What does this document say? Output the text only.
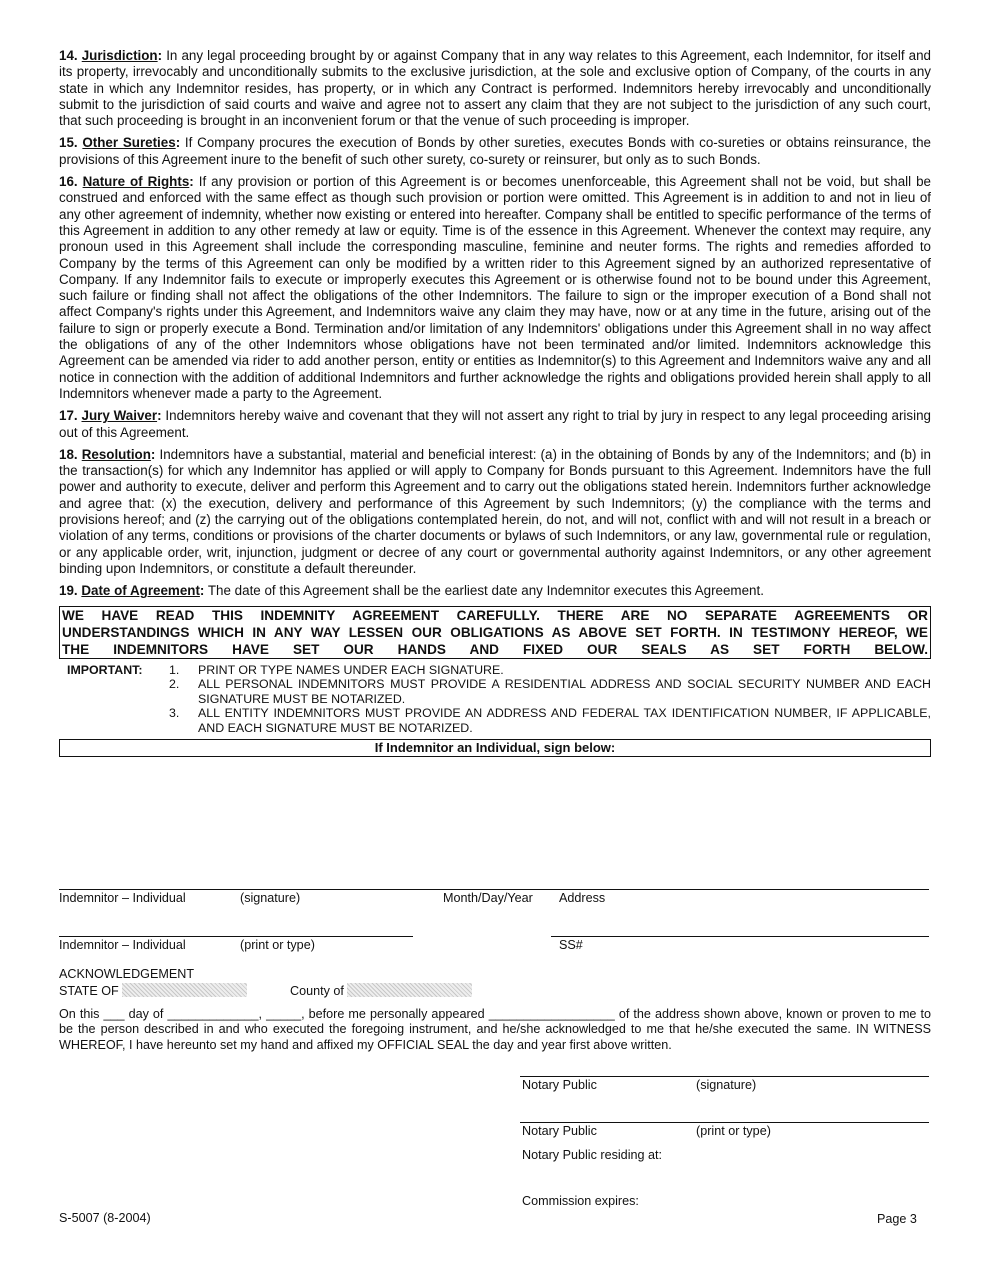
14. Jurisdiction: In any legal proceeding brought by or against Company that in any way relates to this Agreement, each Indemnitor, for itself and its property, irrevocably and unconditionally submits to the exclusive jurisdiction, at the sole and exclusive option of Company, of the courts in any state in which any Indemnitor resides, has property, or in which any Contract is performed. Indemnitors hereby irrevocably and unconditionally submit to the jurisdiction of said courts and waive and agree not to assert any claim that they are not subject to the jurisdiction of any such court, that such proceeding is brought in an inconvenient forum or that the venue of such proceeding is improper.

15. Other Sureties: If Company procures the execution of Bonds by other sureties, executes Bonds with co-sureties or obtains reinsurance, the provisions of this Agreement inure to the benefit of such other surety, co-surety or reinsurer, but only as to such Bonds.

16. Nature of Rights: If any provision or portion of this Agreement is or becomes unenforceable, this Agreement shall not be void, but shall be construed and enforced with the same effect as though such provision or portion were omitted. This Agreement is in addition to and not in lieu of any other agreement of indemnity, whether now existing or entered into hereafter. Company shall be entitled to specific performance of the terms of this Agreement in addition to any other remedy at law or equity. Time is of the essence in this Agreement. Whenever the context may require, any pronoun used in this Agreement shall include the corresponding masculine, feminine and neuter forms. The rights and remedies afforded to Company by the terms of this Agreement can only be modified by a written rider to this Agreement signed by an authorized representative of Company. If any Indemnitor fails to execute or improperly executes this Agreement or is otherwise found not to be bound under this Agreement, such failure or finding shall not affect the obligations of the other Indemnitors. The failure to sign or the improper execution of a Bond shall not affect Company's rights under this Agreement, and Indemnitors waive any claim they may have, now or at any time in the future, arising out of the failure to sign or properly execute a Bond. Termination and/or limitation of any Indemnitors' obligations under this Agreement shall in no way affect the obligations of any of the other Indemnitors whose obligations have not been terminated and/or limited. Indemnitors acknowledge this Agreement can be amended via rider to add another person, entity or entities as Indemnitor(s) to this Agreement and Indemnitors waive any and all notice in connection with the addition of additional Indemnitors and further acknowledge the rights and obligations provided herein shall apply to all Indemnitors whenever made a party to the Agreement.

17. Jury Waiver: Indemnitors hereby waive and covenant that they will not assert any right to trial by jury in respect to any legal proceeding arising out of this Agreement.

18. Resolution: Indemnitors have a substantial, material and beneficial interest: (a) in the obtaining of Bonds by any of the Indemnitors; and (b) in the transaction(s) for which any Indemnitor has applied or will apply to Company for Bonds pursuant to this Agreement. Indemnitors have the full power and authority to execute, deliver and perform this Agreement and to carry out the obligations stated herein. Indemnitors further acknowledge and agree that: (x) the execution, delivery and performance of this Agreement by such Indemnitors; (y) the compliance with the terms and provisions hereof; and (z) the carrying out of the obligations contemplated herein, do not, and will not, conflict with and will not result in a breach or violation of any terms, conditions or provisions of the charter documents or bylaws of such Indemnitors, or any law, governmental rule or regulation, or any applicable order, writ, injunction, judgment or decree of any court or governmental authority against Indemnitors, or any other agreement binding upon Indemnitors, or constitute a default thereunder.

19. Date of Agreement: The date of this Agreement shall be the earliest date any Indemnitor executes this Agreement.

WE HAVE READ THIS INDEMNITY AGREEMENT CAREFULLY. THERE ARE NO SEPARATE AGREEMENTS OR
UNDERSTANDINGS WHICH IN ANY WAY LESSEN OUR OBLIGATIONS AS ABOVE SET FORTH. IN TESTIMONY HEREOF, WE
THE INDEMNITORS HAVE SET OUR HANDS AND FIXED OUR SEALS AS SET FORTH BELOW.
IMPORTANT: 1. PRINT OR TYPE NAMES UNDER EACH SIGNATURE.
2. ALL PERSONAL INDEMNITORS MUST PROVIDE A RESIDENTIAL ADDRESS AND SOCIAL SECURITY NUMBER AND EACH SIGNATURE MUST BE NOTARIZED.
3. ALL ENTITY INDEMNITORS MUST PROVIDE AN ADDRESS AND FEDERAL TAX IDENTIFICATION NUMBER, IF APPLICABLE, AND EACH SIGNATURE MUST BE NOTARIZED.
If Indemnitor an Individual, sign below:
Indemnitor – Individual	(signature)	Month/Day/Year Address
Indemnitor – Individual	(print or type)	SS#
ACKNOWLEDGEMENT
STATE OF	County of
On this ___ day of _____________, _____, before me personally appeared __________________ of the address shown above, known or proven to me to be the person described in and who executed the foregoing instrument, and he/she acknowledged to me that he/she executed the same. IN WITNESS WHEREOF, I have hereunto set my hand and affixed my OFFICIAL SEAL the day and year first above written.
Notary Public	(signature)
Notary Public	(print or type)
Notary Public residing at:
Commission expires:
S-5007 (8-2004)	Page 3
